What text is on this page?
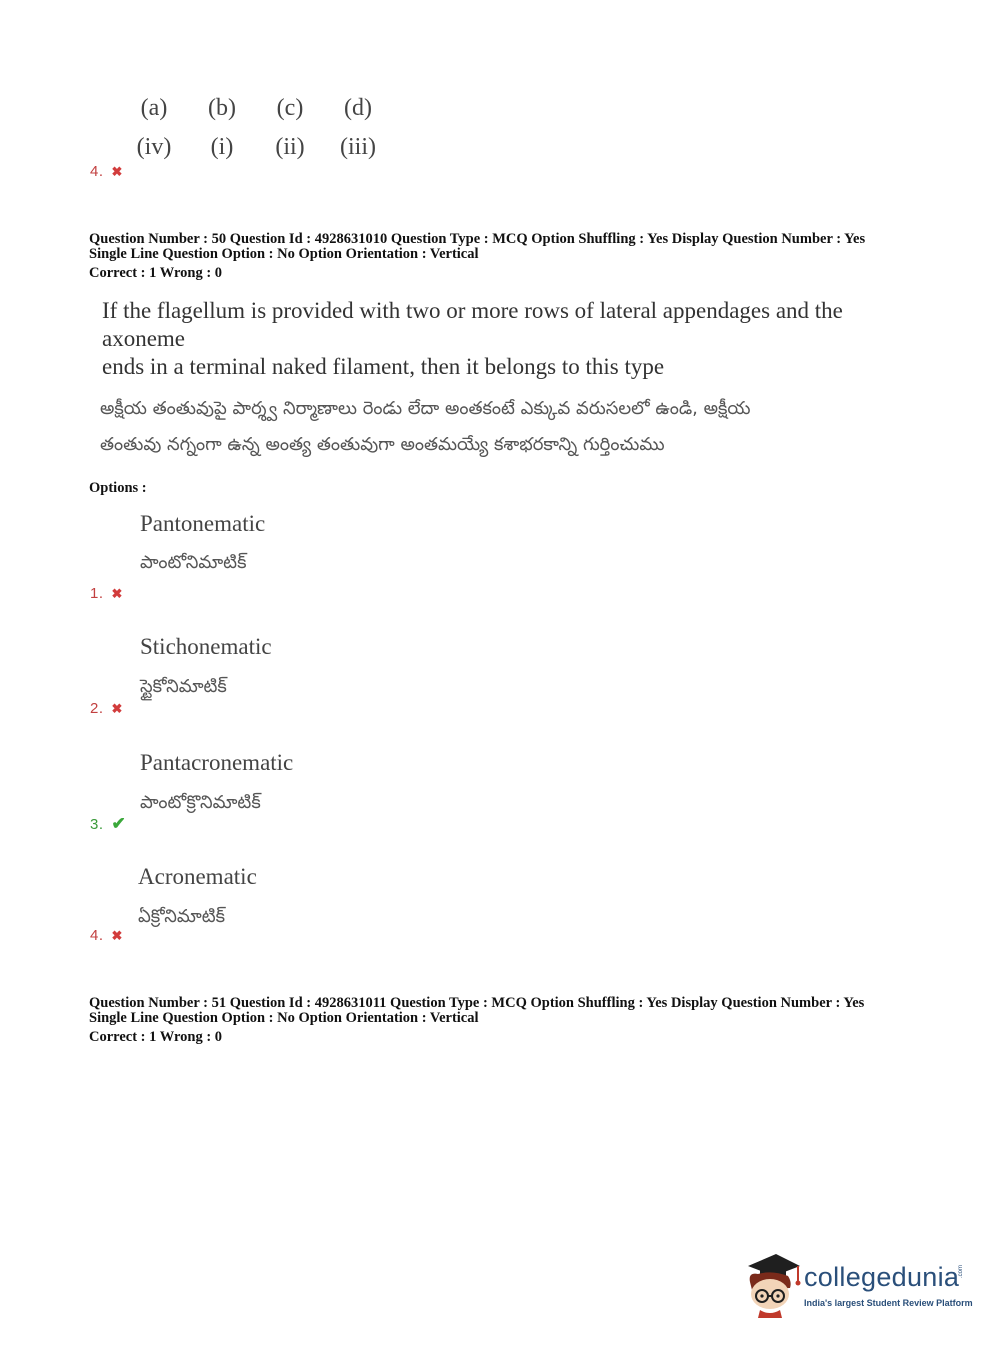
(a)	(b)	(c)	(d)
(iv)	(i)	(ii)	(iii)
4. ✖
Question Number : 50 Question Id : 4928631010 Question Type : MCQ Option Shuffling : Yes Display Question Number : Yes
Single Line Question Option : No Option Orientation : Vertical
Correct : 1 Wrong : 0
If the flagellum is provided with two or more rows of lateral appendages and the axoneme
ends in a terminal naked filament, then it belongs to this type
అక్షీయ తంతువుపై పార్శ్వ నిర్మాణాలు రెండు లేదా అంతకంటే ఎక్కువ వరుసలలో ఉండి, అక్షీయ
తంతువు నగ్నంగా ఉన్న అంత్య తంతువుగా అంతమయ్యే కశాభరకాన్ని గుర్తించుము
Options :
Pantonematic
పాంటోనిమాటిక్
1. ✖
Stichonematic
స్టైకోనిమాటిక్
2. ✖
Pantacronematic
పాంటోక్రొనిమాటిక్
3. ✔
Acronematic
ఏక్రోనిమాటిక్
4. ✖
Question Number : 51 Question Id : 4928631011 Question Type : MCQ Option Shuffling : Yes Display Question Number : Yes
Single Line Question Option : No Option Orientation : Vertical
Correct : 1 Wrong : 0
collegedunia
.com
India's largest Student Review Platform
